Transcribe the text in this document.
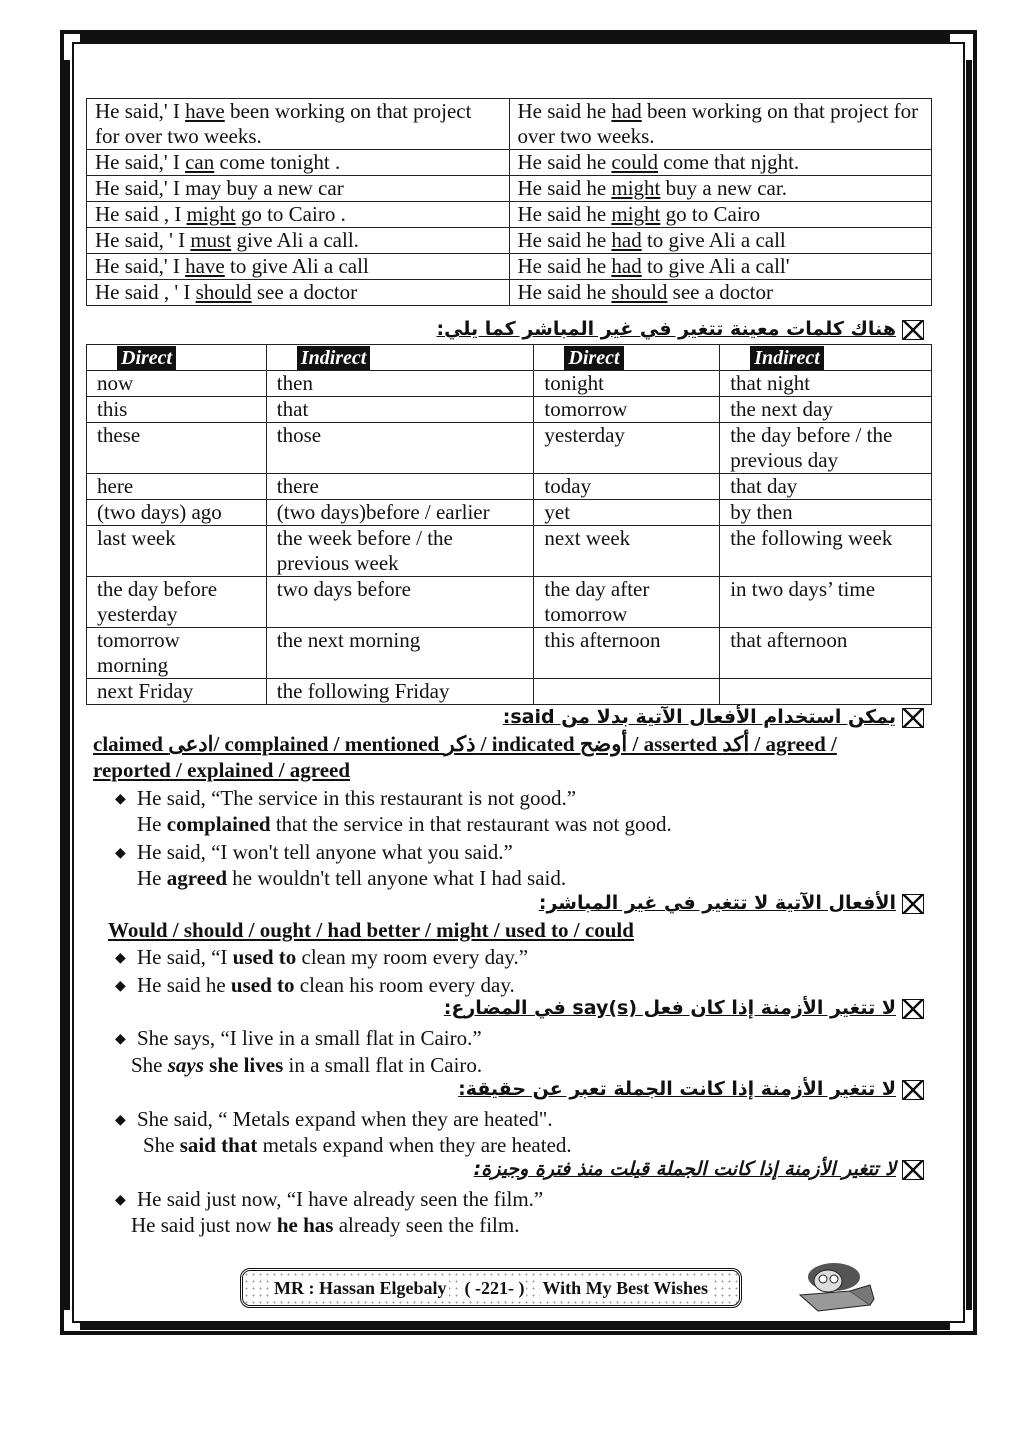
He said,' I have been working on that project for over two weeks.	He said he had been working on that project for over two weeks.
He said,' I can come tonight .	He said he could come that njght.
He said,' I may buy a new car	He said he might buy a new car.
He said , I might go to Cairo .	He said he might go to Cairo
He said, ' I must give Ali a call.	He said he had to give Ali a call
He said,' I have to give Ali a call	He said he had to give Ali a call'
He said , ' I should see a doctor	He said he should see a doctor
هناك كلمات معينة تتغير في غير المباشر كما يلي:
Direct	Indirect	Direct	Indirect
now	then	tonight	that night
this	that	tomorrow	the next day
these	those	yesterday	the day before / the previous day
here	there	today	that day
(two days) ago	(two days)before / earlier	yet	by then
last week	the week before / the previous week	next week	the following week
the day before yesterday	two days before	the day after tomorrow	in two days’ time
tomorrow morning	the next morning	this afternoon	that afternoon
next Friday	the following Friday		
يمكن استخدام الأفعال الآتية بدلا من said:
claimed ادعى/ complained / mentioned ذكر / indicated أوضح / asserted أكد / agreed /
reported / explained / agreed
◆ He said, “The service in this restaurant is not good.”
He complained that the service in that restaurant was not good.
◆ He said, “I won't tell anyone what you said.”
He agreed he wouldn't tell anyone what I had said.
الأفعال الآتية لا تتغير في غير المباشر:
Would / should / ought / had better / might / used to / could
◆ He said, “I used to clean my room every day.”
◆ He said he used to clean his room every day.
لا تتغير الأزمنة إذا كان فعل say(s) في المضارع:
◆ She says, “I live in a small flat in Cairo.”
She says she lives in a small flat in Cairo.
لا تتغير الأزمنة إذا كانت الجملة تعبر عن حقيقة:
◆ She said, “ Metals expand when they are heated".
She said that metals expand when they are heated.
لا تتغير الأزمنة إذا كانت الجملة قيلت منذ فترة وجيزة:
◆ He said just now, “I have already seen the film.”
He said just now he has already seen the film.
MR : Hassan Elgebaly ( -221- ) With My Best Wishes
